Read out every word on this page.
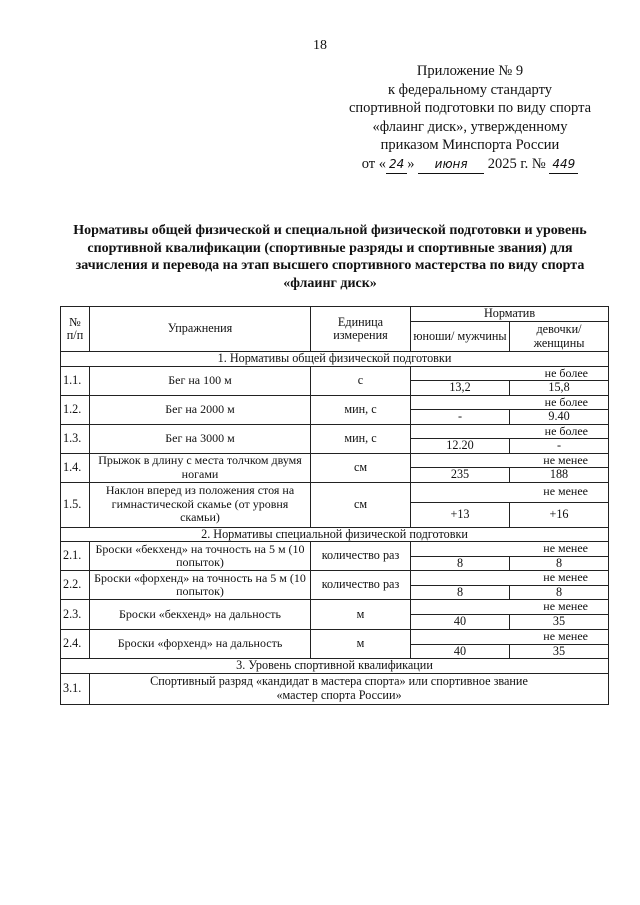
18
Приложение № 9
к федеральному стандарту
спортивной подготовки по виду спорта
«флаинг диск», утвержденному
приказом Минспорта России
от « 24 » июня 2025 г. № 449
Нормативы общей физической и специальной физической подготовки и уровень спортивной квалификации (спортивные разряды и спортивные звания) для зачисления и перевода на этап высшего спортивного мастерства по виду спорта «флаинг диск»
№ п/п	Упражнения	Единица измерения	Норматив	
			юноши/ мужчины	девочки/ женщины
1. Нормативы общей физической подготовки				
1.1.	Бег на 100 м	с	не более	
			13,2	15,8
1.2.	Бег на 2000 м	мин, с	не более	
			-	9.40
1.3.	Бег на 3000 м	мин, с	не более	
			12.20	-
1.4.	Прыжок в длину с места толчком двумя ногами	см	не менее	
			235	188
1.5.	Наклон вперед из положения стоя на гимнастической скамье (от уровня скамьи)	см	не менее	
			+13	+16
2. Нормативы специальной физической подготовки				
2.1.	Броски «бекхенд» на точность на 5 м (10 попыток)	количество раз	не менее	
			8	8
2.2.	Броски «форхенд» на точность на 5 м (10 попыток)	количество раз	не менее	
			8	8
2.3.	Броски «бекхенд» на дальность	м	не менее	
			40	35
2.4.	Броски «форхенд» на дальность	м	не менее	
			40	35
3. Уровень спортивной квалификации				
3.1.	Спортивный разряд «кандидат в мастера спорта» или спортивное звание «мастер спорта России»			
